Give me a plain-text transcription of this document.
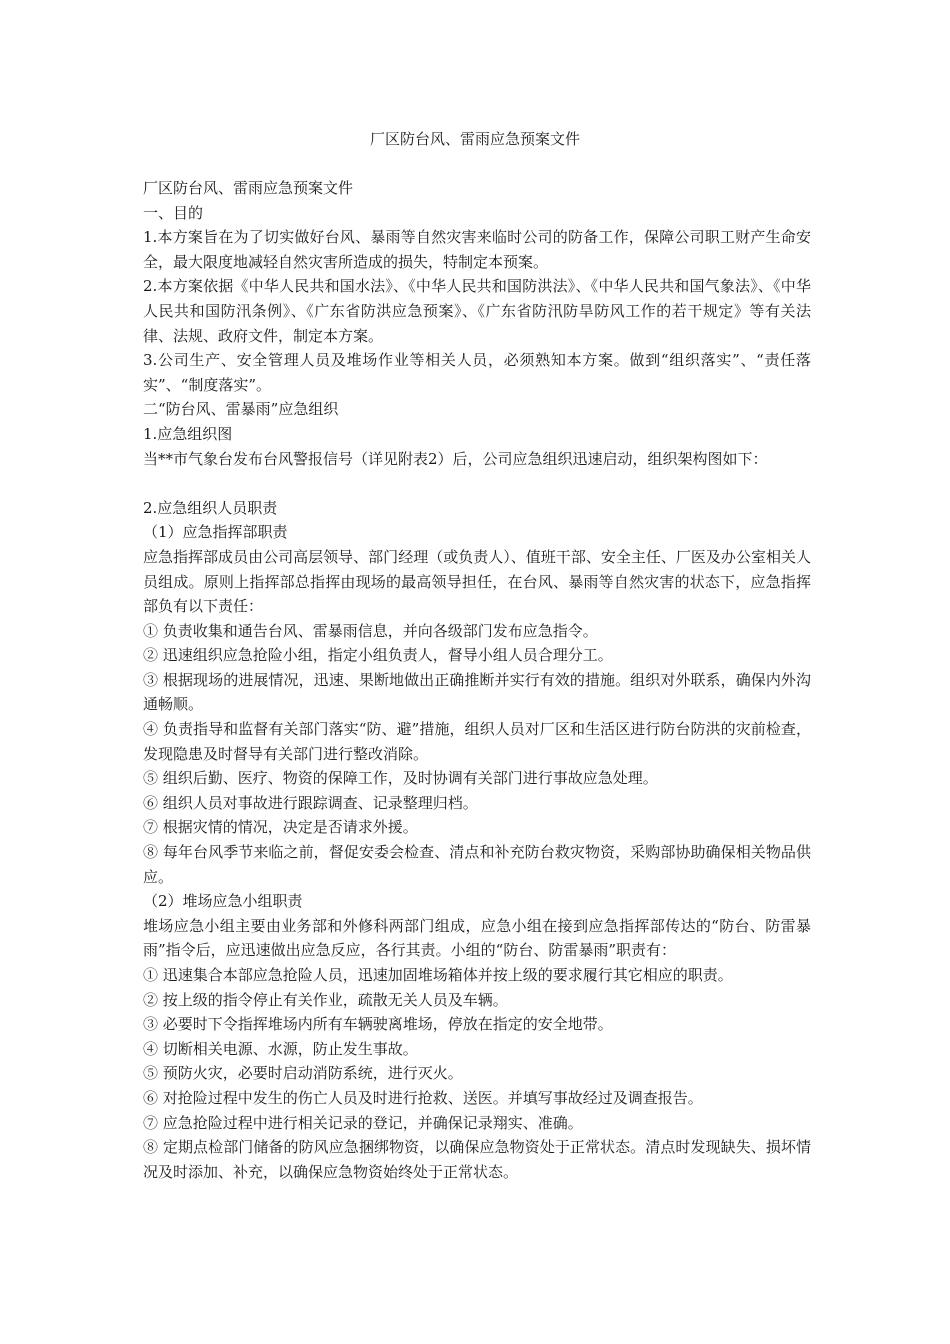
厂区防台风、雷雨应急预案文件

厂区防台风、雷雨应急预案文件

一、目的

1.本方案旨在为了切实做好台风、暴雨等自然灾害来临时公司的防备工作，保障公司职工财产生命安全，最大限度地减轻自然灾害所造成的损失，特制定本预案。

2.本方案依据《中华人民共和国水法》、《中华人民共和国防洪法》、《中华人民共和国气象法》、《中华人民共和国防汛条例》、《广东省防洪应急预案》、《广东省防汛防旱防风工作的若干规定》等有关法律、法规、政府文件，制定本方案。

3.公司生产、安全管理人员及堆场作业等相关人员，必须熟知本方案。做到“组织落实”、“责任落实”、“制度落实”。

二“防台风、雷暴雨”应急组织

1.应急组织图

当**市气象台发布台风警报信号（详见附表2）后，公司应急组织迅速启动，组织架构图如下：

2.应急组织人员职责

（1）应急指挥部职责

应急指挥部成员由公司高层领导、部门经理（或负责人）、值班干部、安全主任、厂医及办公室相关人员组成。原则上指挥部总指挥由现场的最高领导担任，在台风、暴雨等自然灾害的状态下，应急指挥部负有以下责任：

① 负责收集和通告台风、雷暴雨信息，并向各级部门发布应急指令。

② 迅速组织应急抢险小组，指定小组负责人，督导小组人员合理分工。

③ 根据现场的进展情况，迅速、果断地做出正确推断并实行有效的措施。组织对外联系，确保内外沟通畅顺。

④ 负责指导和监督有关部门落实“防、避”措施，组织人员对厂区和生活区进行防台防洪的灾前检查，发现隐患及时督导有关部门进行整改消除。

⑤ 组织后勤、医疗、物资的保障工作，及时协调有关部门进行事故应急处理。

⑥ 组织人员对事故进行跟踪调查、记录整理归档。

⑦ 根据灾情的情况，决定是否请求外援。

⑧ 每年台风季节来临之前，督促安委会检查、清点和补充防台救灾物资，采购部协助确保相关物品供应。

（2）堆场应急小组职责

堆场应急小组主要由业务部和外修科两部门组成，应急小组在接到应急指挥部传达的“防台、防雷暴雨”指令后，应迅速做出应急反应，各行其责。小组的“防台、防雷暴雨”职责有：

① 迅速集合本部应急抢险人员，迅速加固堆场箱体并按上级的要求履行其它相应的职责。

② 按上级的指令停止有关作业，疏散无关人员及车辆。

③ 必要时下令指挥堆场内所有车辆驶离堆场，停放在指定的安全地带。

④ 切断相关电源、水源，防止发生事故。

⑤ 预防火灾，必要时启动消防系统，进行灭火。

⑥ 对抢险过程中发生的伤亡人员及时进行抢救、送医。并填写事故经过及调查报告。

⑦ 应急抢险过程中进行相关记录的登记，并确保记录翔实、准确。

⑧ 定期点检部门储备的防风应急捆绑物资，以确保应急物资处于正常状态。清点时发现缺失、损坏情况及时添加、补充，以确保应急物资始终处于正常状态。
